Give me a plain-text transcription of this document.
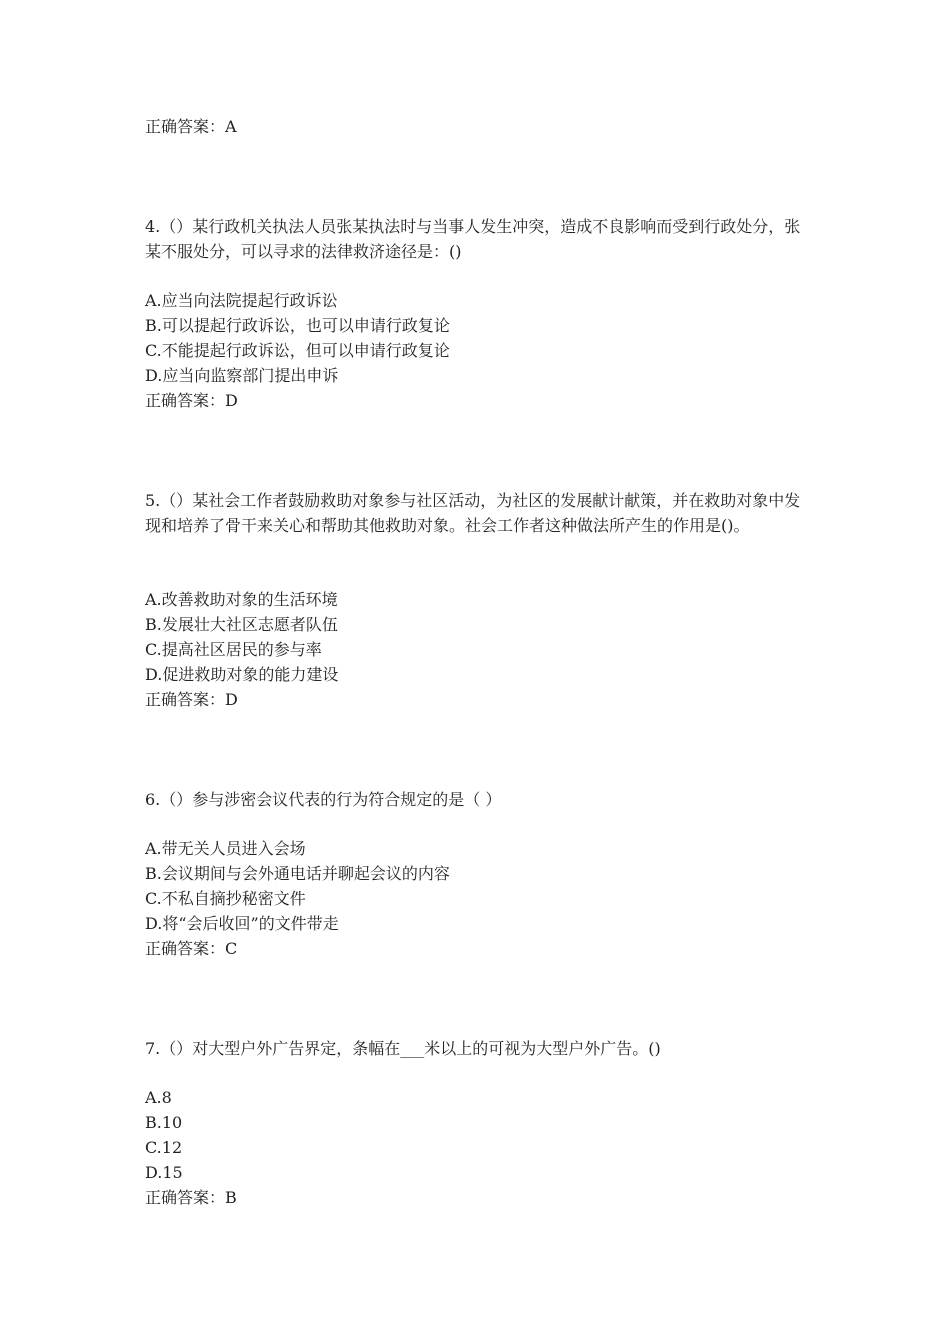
正确答案：A
4.（）某行政机关执法人员张某执法时与当事人发生冲突，造成不良影响而受到行政处分，张某不服处分，可以寻求的法律救济途径是：()
A.应当向法院提起行政诉讼
B.可以提起行政诉讼，也可以申请行政复论
C.不能提起行政诉讼，但可以申请行政复论
D.应当向监察部门提出申诉
正确答案：D
5.（）某社会工作者鼓励救助对象参与社区活动，为社区的发展献计献策，并在救助对象中发现和培养了骨干来关心和帮助其他救助对象。社会工作者这种做法所产生的作用是()。
A.改善救助对象的生活环境
B.发展壮大社区志愿者队伍
C.提高社区居民的参与率
D.促进救助对象的能力建设
正确答案：D
6.（）参与涉密会议代表的行为符合规定的是（ ）
A.带无关人员进入会场
B.会议期间与会外通电话并聊起会议的内容
C.不私自摘抄秘密文件
D.将“会后收回”的文件带走
正确答案：C
7.（）对大型户外广告界定，条幅在___米以上的可视为大型户外广告。()
A.8
B.10
C.12
D.15
正确答案：B
